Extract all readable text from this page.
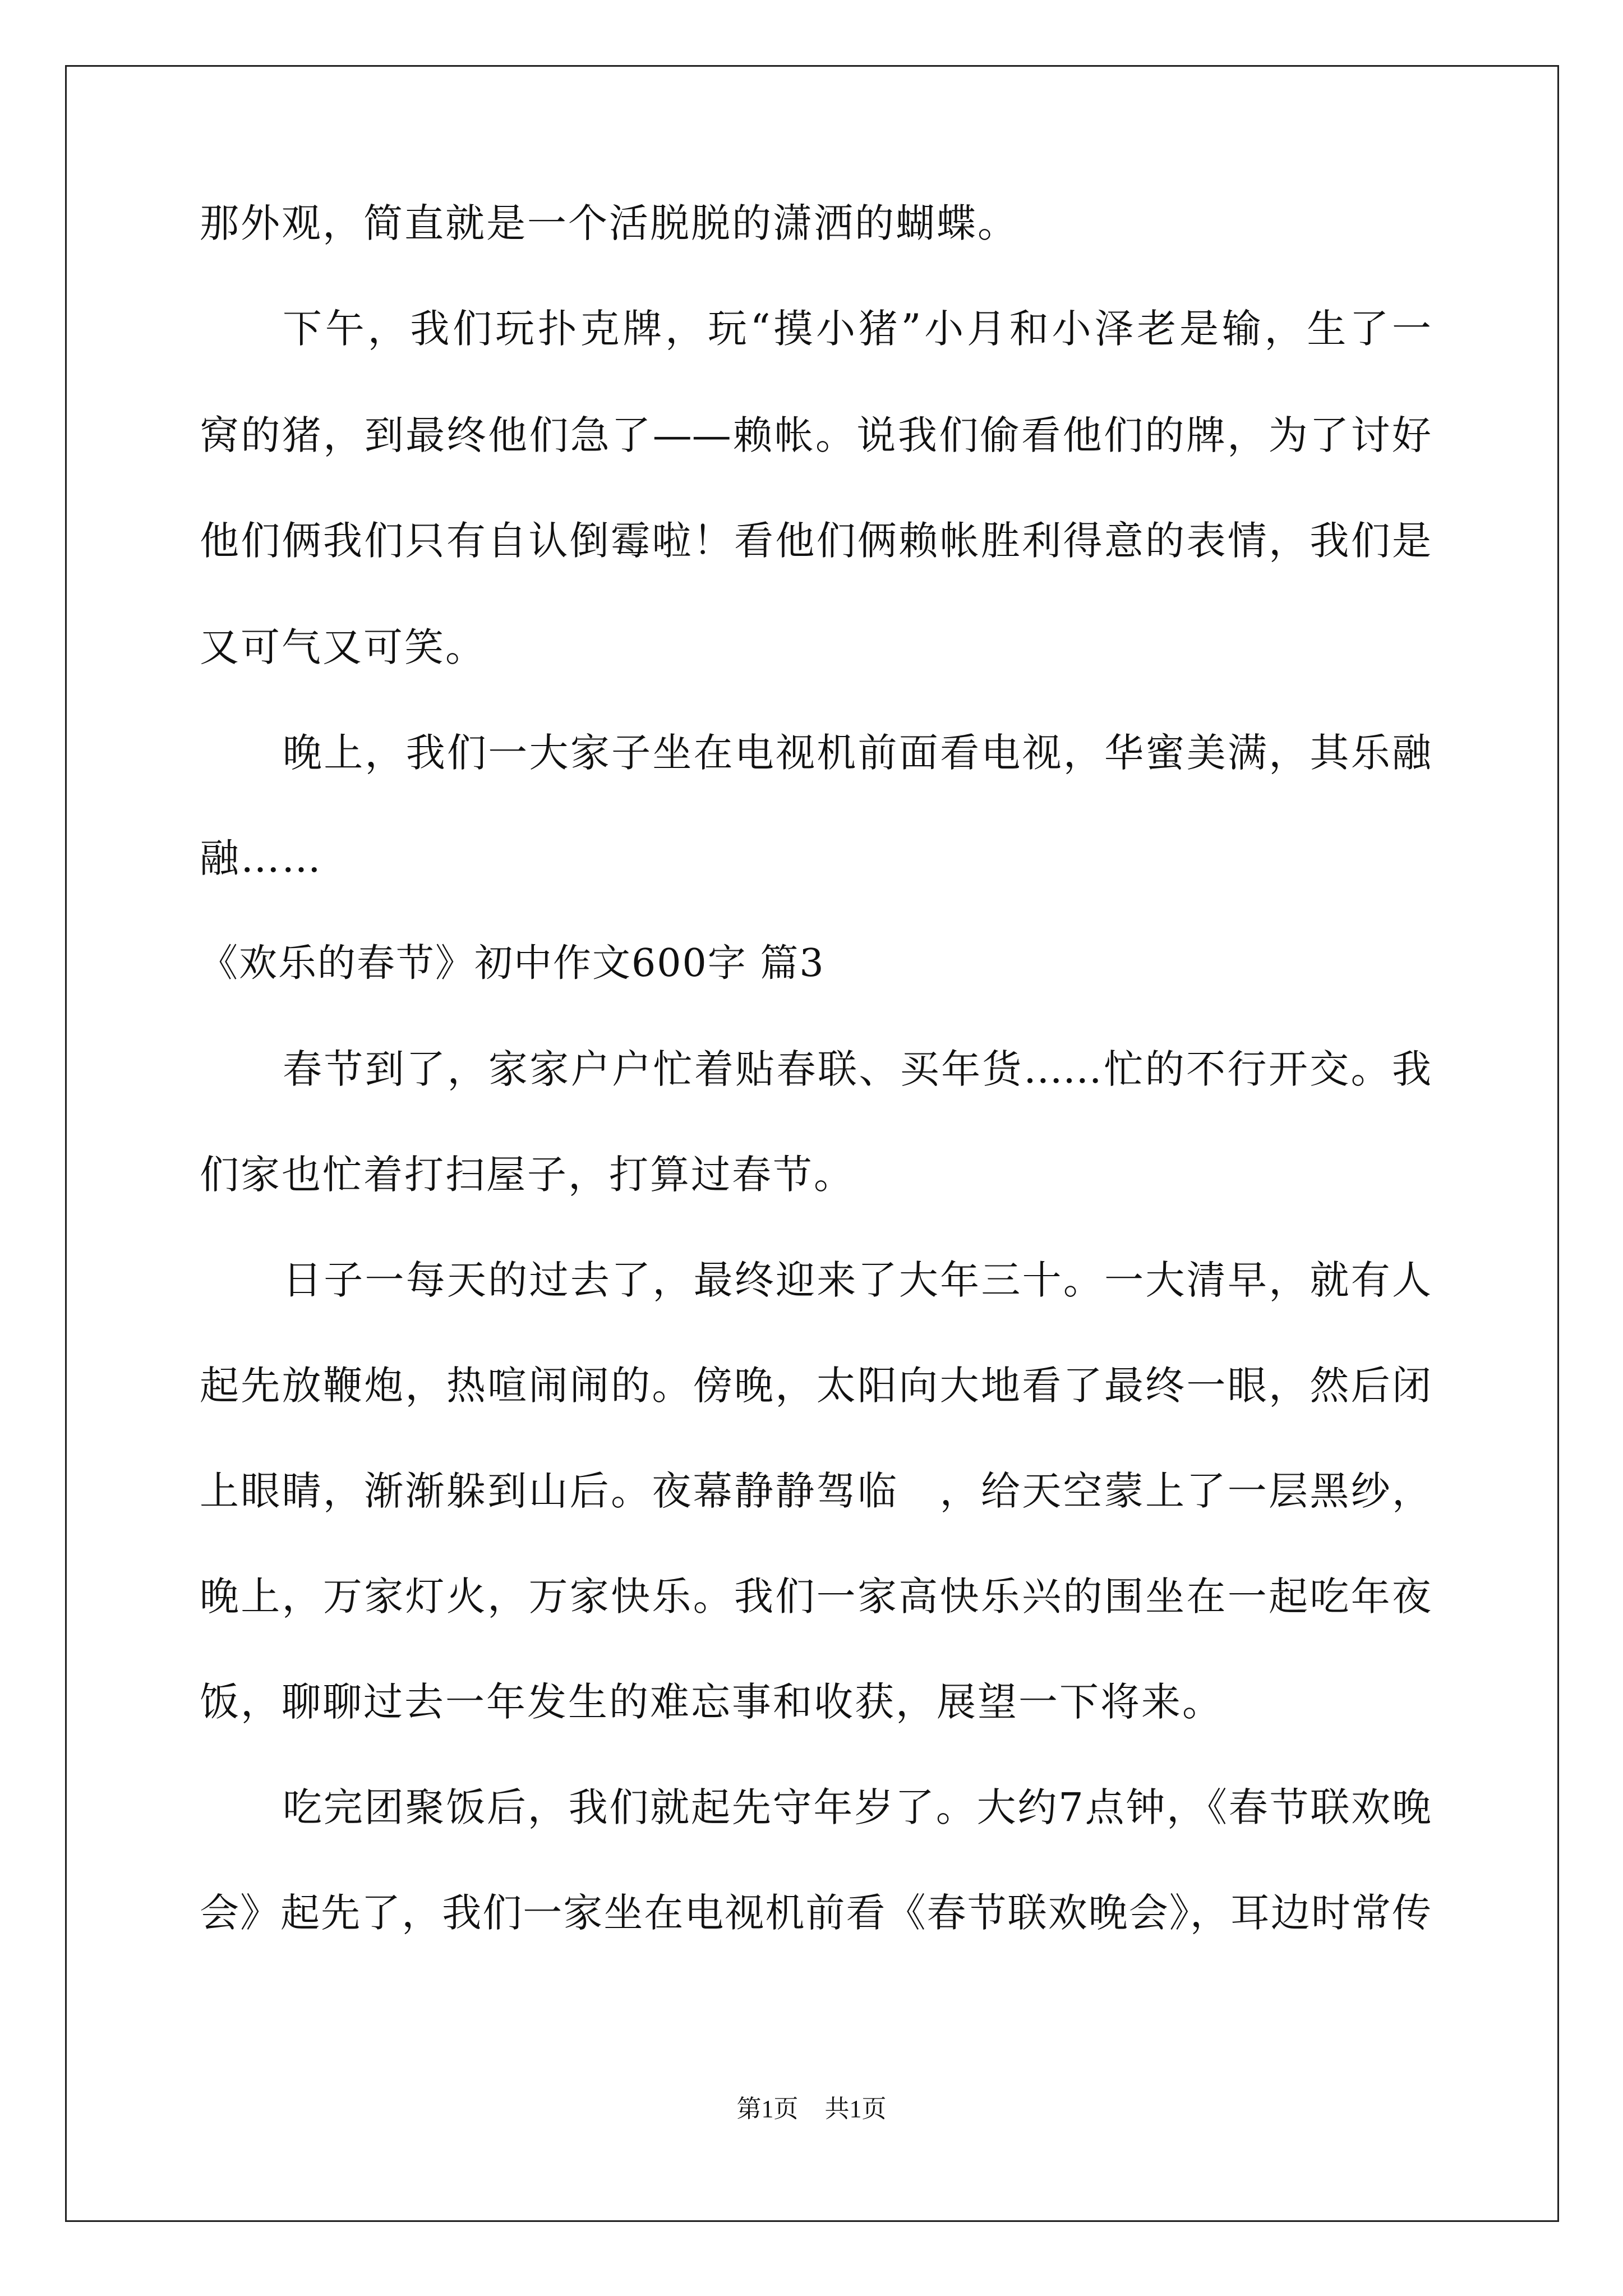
那外观，简直就是一个活脱脱的潇洒的蝴蝶。
下午，我们玩扑克牌，玩“摸小猪”小月和小泽老是输，生了一
窝的猪，到最终他们急了——赖帐。说我们偷看他们的牌，为了讨好
他们俩我们只有自认倒霉啦！看他们俩赖帐胜利得意的表情，我们是
又可气又可笑。
晚上，我们一大家子坐在电视机前面看电视，华蜜美满，其乐融
融……
《欢乐的春节》初中作文600字 篇3
春节到了，家家户户忙着贴春联、买年货……忙的不行开交。我
们家也忙着打扫屋子，打算过春节。
日子一每天的过去了，最终迎来了大年三十。一大清早，就有人
起先放鞭炮，热喧闹闹的。傍晚，太阳向大地看了最终一眼，然后闭
上眼睛，渐渐躲到山后。夜幕静静驾临　，给天空蒙上了一层黑纱，
晚上，万家灯火，万家快乐。我们一家高快乐兴的围坐在一起吃年夜
饭，聊聊过去一年发生的难忘事和收获，展望一下将来。
吃完团聚饭后，我们就起先守年岁了。大约7点钟，《春节联欢晚
会》起先了，我们一家坐在电视机前看《春节联欢晚会》，耳边时常传
第1页 共1页
